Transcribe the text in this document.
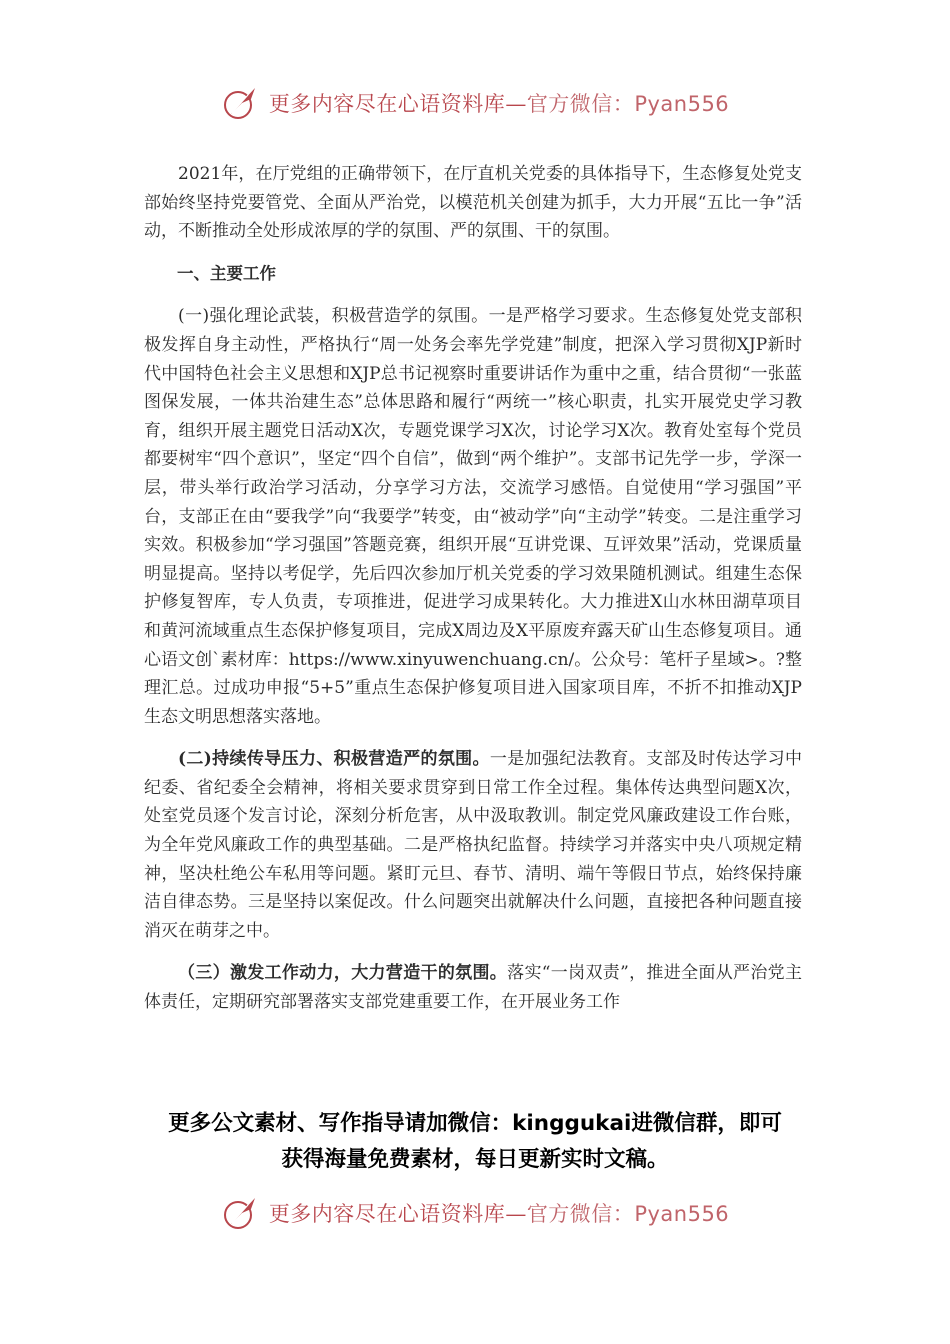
更多内容尽在心语资料库—官方微信：Pyan556

2021年，在厅党组的正确带领下，在厅直机关党委的具体指导下，生态修复处党支部始终坚持党要管党、全面从严治党，以模范机关创建为抓手，大力开展“五比一争”活动，不断推动全处形成浓厚的学的氛围、严的氛围、干的氛围。

一、主要工作

(一)强化理论武装，积极营造学的氛围。一是严格学习要求。生态修复处党支部积极发挥自身主动性，严格执行“周一处务会率先学党建”制度，把深入学习贯彻XJP新时代中国特色社会主义思想和XJP总书记视察时重要讲话作为重中之重，结合贯彻“一张蓝图保发展，一体共治建生态”总体思路和履行“两统一”核心职责，扎实开展党史学习教育，组织开展主题党日活动X次，专题党课学习X次，讨论学习X次。教育处室每个党员都要树牢“四个意识”，坚定“四个自信”，做到“两个维护”。支部书记先学一步，学深一层，带头举行政治学习活动，分享学习方法，交流学习感悟。自觉使用“学习强国”平台，支部正在由“要我学”向“我要学”转变，由“被动学”向“主动学”转变。二是注重学习实效。积极参加“学习强国”答题竞赛，组织开展“互讲党课、互评效果”活动，党课质量明显提高。坚持以考促学，先后四次参加厅机关党委的学习效果随机测试。组建生态保护修复智库，专人负责，专项推进，促进学习成果转化。大力推进X山水林田湖草项目和黄河流域重点生态保护修复项目，完成X周边及X平原废弃露天矿山生态修复项目。通心语文创`素材库：https://www.xinyuwenchuang.cn/。公众号：笔杆子星域>。?整理汇总。过成功申报“5+5”重点生态保护修复项目进入国家项目库，不折不扣推动XJP生态文明思想落实落地。

(二)持续传导压力、积极营造严的氛围。一是加强纪法教育。支部及时传达学习中纪委、省纪委全会精神，将相关要求贯穿到日常工作全过程。集体传达典型问题X次，处室党员逐个发言讨论，深刻分析危害，从中汲取教训。制定党风廉政建设工作台账，为全年党风廉政工作的典型基础。二是严格执纪监督。持续学习并落实中央八项规定精神，坚决杜绝公车私用等问题。紧盯元旦、春节、清明、端午等假日节点，始终保持廉洁自律态势。三是坚持以案促改。什么问题突出就解决什么问题，直接把各种问题直接消灭在萌芽之中。

（三）激发工作动力，大力营造干的氛围。落实“一岗双责”，推进全面从严治党主体责任，定期研究部署落实支部党建重要工作，在开展业务工作

更多公文素材、写作指导请加微信：kinggukai进微信群，即可
获得海量免费素材，每日更新实时文稿。
更多内容尽在心语资料库—官方微信：Pyan556
